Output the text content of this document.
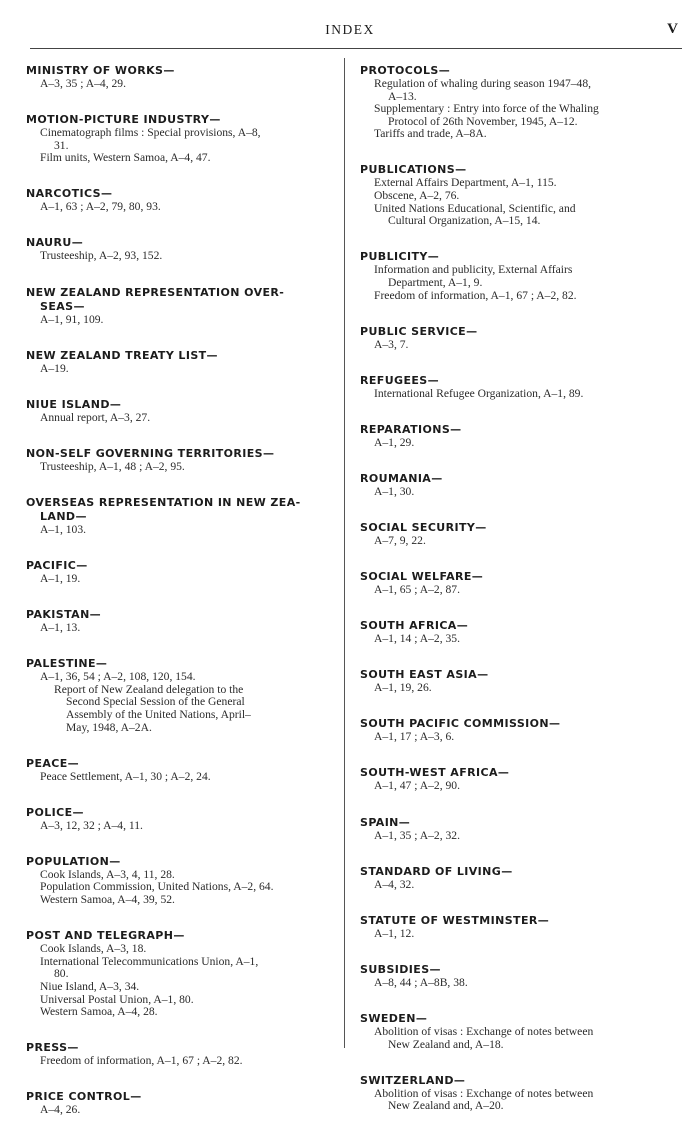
INDEX	V
MINISTRY OF WORKS—
A–3, 35 ; A–4, 29.
MOTION-PICTURE INDUSTRY—
Cinematograph films : Special provisions, A–8,
31.
Film units, Western Samoa, A–4, 47.
NARCOTICS—
A–1, 63 ; A–2, 79, 80, 93.
NAURU—
Trusteeship, A–2, 93, 152.
NEW ZEALAND REPRESENTATION OVER-
SEAS—
A–1, 91, 109.
NEW ZEALAND TREATY LIST—
A–19.
NIUE ISLAND—
Annual report, A–3, 27.
NON-SELF GOVERNING TERRITORIES—
Trusteeship, A–1, 48 ; A–2, 95.
OVERSEAS REPRESENTATION IN NEW ZEA-
LAND—
A–1, 103.
PACIFIC—
A–1, 19.
PAKISTAN—
A–1, 13.
PALESTINE—
A–1, 36, 54 ; A–2, 108, 120, 154.
Report of New Zealand delegation to the
Second Special Session of the General
Assembly of the United Nations, April–
May, 1948, A–2A.
PEACE—
Peace Settlement, A–1, 30 ; A–2, 24.
POLICE—
A–3, 12, 32 ; A–4, 11.
POPULATION—
Cook Islands, A–3, 4, 11, 28.
Population Commission, United Nations, A–2, 64.
Western Samoa, A–4, 39, 52.
POST AND TELEGRAPH—
Cook Islands, A–3, 18.
International Telecommunications Union, A–1,
80.
Niue Island, A–3, 34.
Universal Postal Union, A–1, 80.
Western Samoa, A–4, 28.
PRESS—
Freedom of information, A–1, 67 ; A–2, 82.
PRICE CONTROL—
A–4, 26.
PROTOCOLS—
Regulation of whaling during season 1947–48,
A–13.
Supplementary : Entry into force of the Whaling
Protocol of 26th November, 1945, A–12.
Tariffs and trade, A–8A.
PUBLICATIONS—
External Affairs Department, A–1, 115.
Obscene, A–2, 76.
United Nations Educational, Scientific, and
Cultural Organization, A–15, 14.
PUBLICITY—
Information and publicity, External Affairs
Department, A–1, 9.
Freedom of information, A–1, 67 ; A–2, 82.
PUBLIC SERVICE—
A–3, 7.
REFUGEES—
International Refugee Organization, A–1, 89.
REPARATIONS—
A–1, 29.
ROUMANIA—
A–1, 30.
SOCIAL SECURITY—
A–7, 9, 22.
SOCIAL WELFARE—
A–1, 65 ; A–2, 87.
SOUTH AFRICA—
A–1, 14 ; A–2, 35.
SOUTH EAST ASIA—
A–1, 19, 26.
SOUTH PACIFIC COMMISSION—
A–1, 17 ; A–3, 6.
SOUTH-WEST AFRICA—
A–1, 47 ; A–2, 90.
SPAIN—
A–1, 35 ; A–2, 32.
STANDARD OF LIVING—
A–4, 32.
STATUTE OF WESTMINSTER—
A–1, 12.
SUBSIDIES—
A–8, 44 ; A–8B, 38.
SWEDEN—
Abolition of visas : Exchange of notes between
New Zealand and, A–18.
SWITZERLAND—
Abolition of visas : Exchange of notes between
New Zealand and, A–20.
